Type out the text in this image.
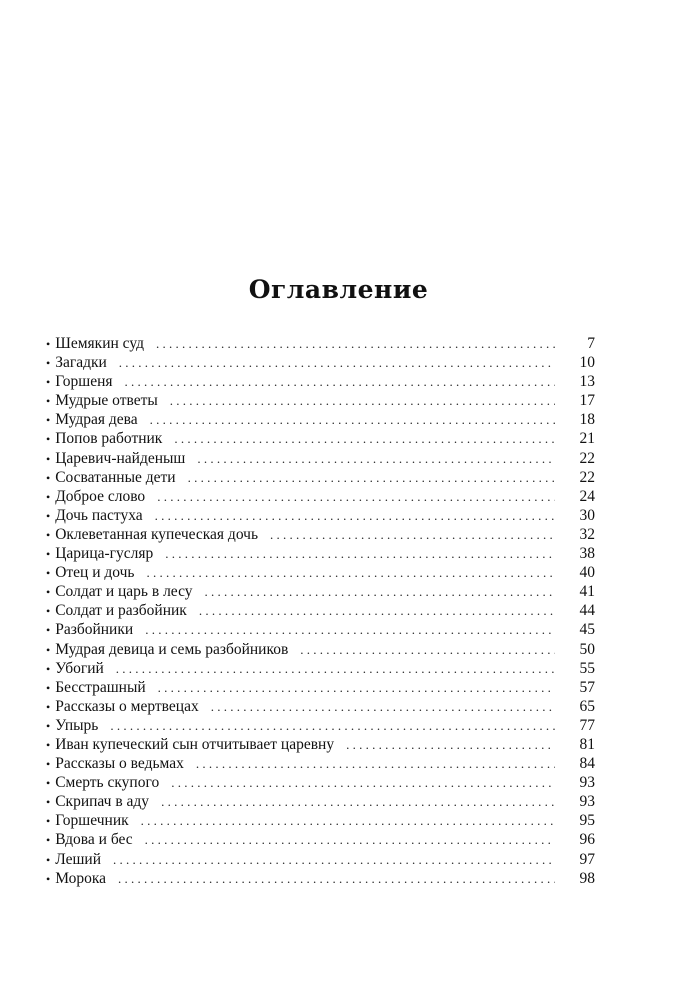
Оглавление
• Шемякин суд . . .	7
• Загадки . . .	10
• Горшеня . . .	13
• Мудрые ответы . . .	17
• Мудрая дева . . .	18
• Попов работник . . .	21
• Царевич-найденыш . . .	22
• Сосватанные дети . . .	22
• Доброе слово . . .	24
• Дочь пастуха . . .	30
• Оклеветанная купеческая дочь . . .	32
• Царица-гусляр . . .	38
• Отец и дочь . . .	40
• Солдат и царь в лесу . . .	41
• Солдат и разбойник . . .	44
• Разбойники . . .	45
• Мудрая девица и семь разбойников . . .	50
• Убогий . . .	55
• Бесстрашный . . .	57
• Рассказы о мертвецах . . .	65
• Упырь . . .	77
• Иван купеческий сын отчитывает царевну . . .	81
• Рассказы о ведьмах . . .	84
• Смерть скупого . . .	93
• Скрипач в аду . . .	93
• Горшечник . . .	95
• Вдова и бес . . .	96
• Леший . . .	97
• Морока . . .	98
